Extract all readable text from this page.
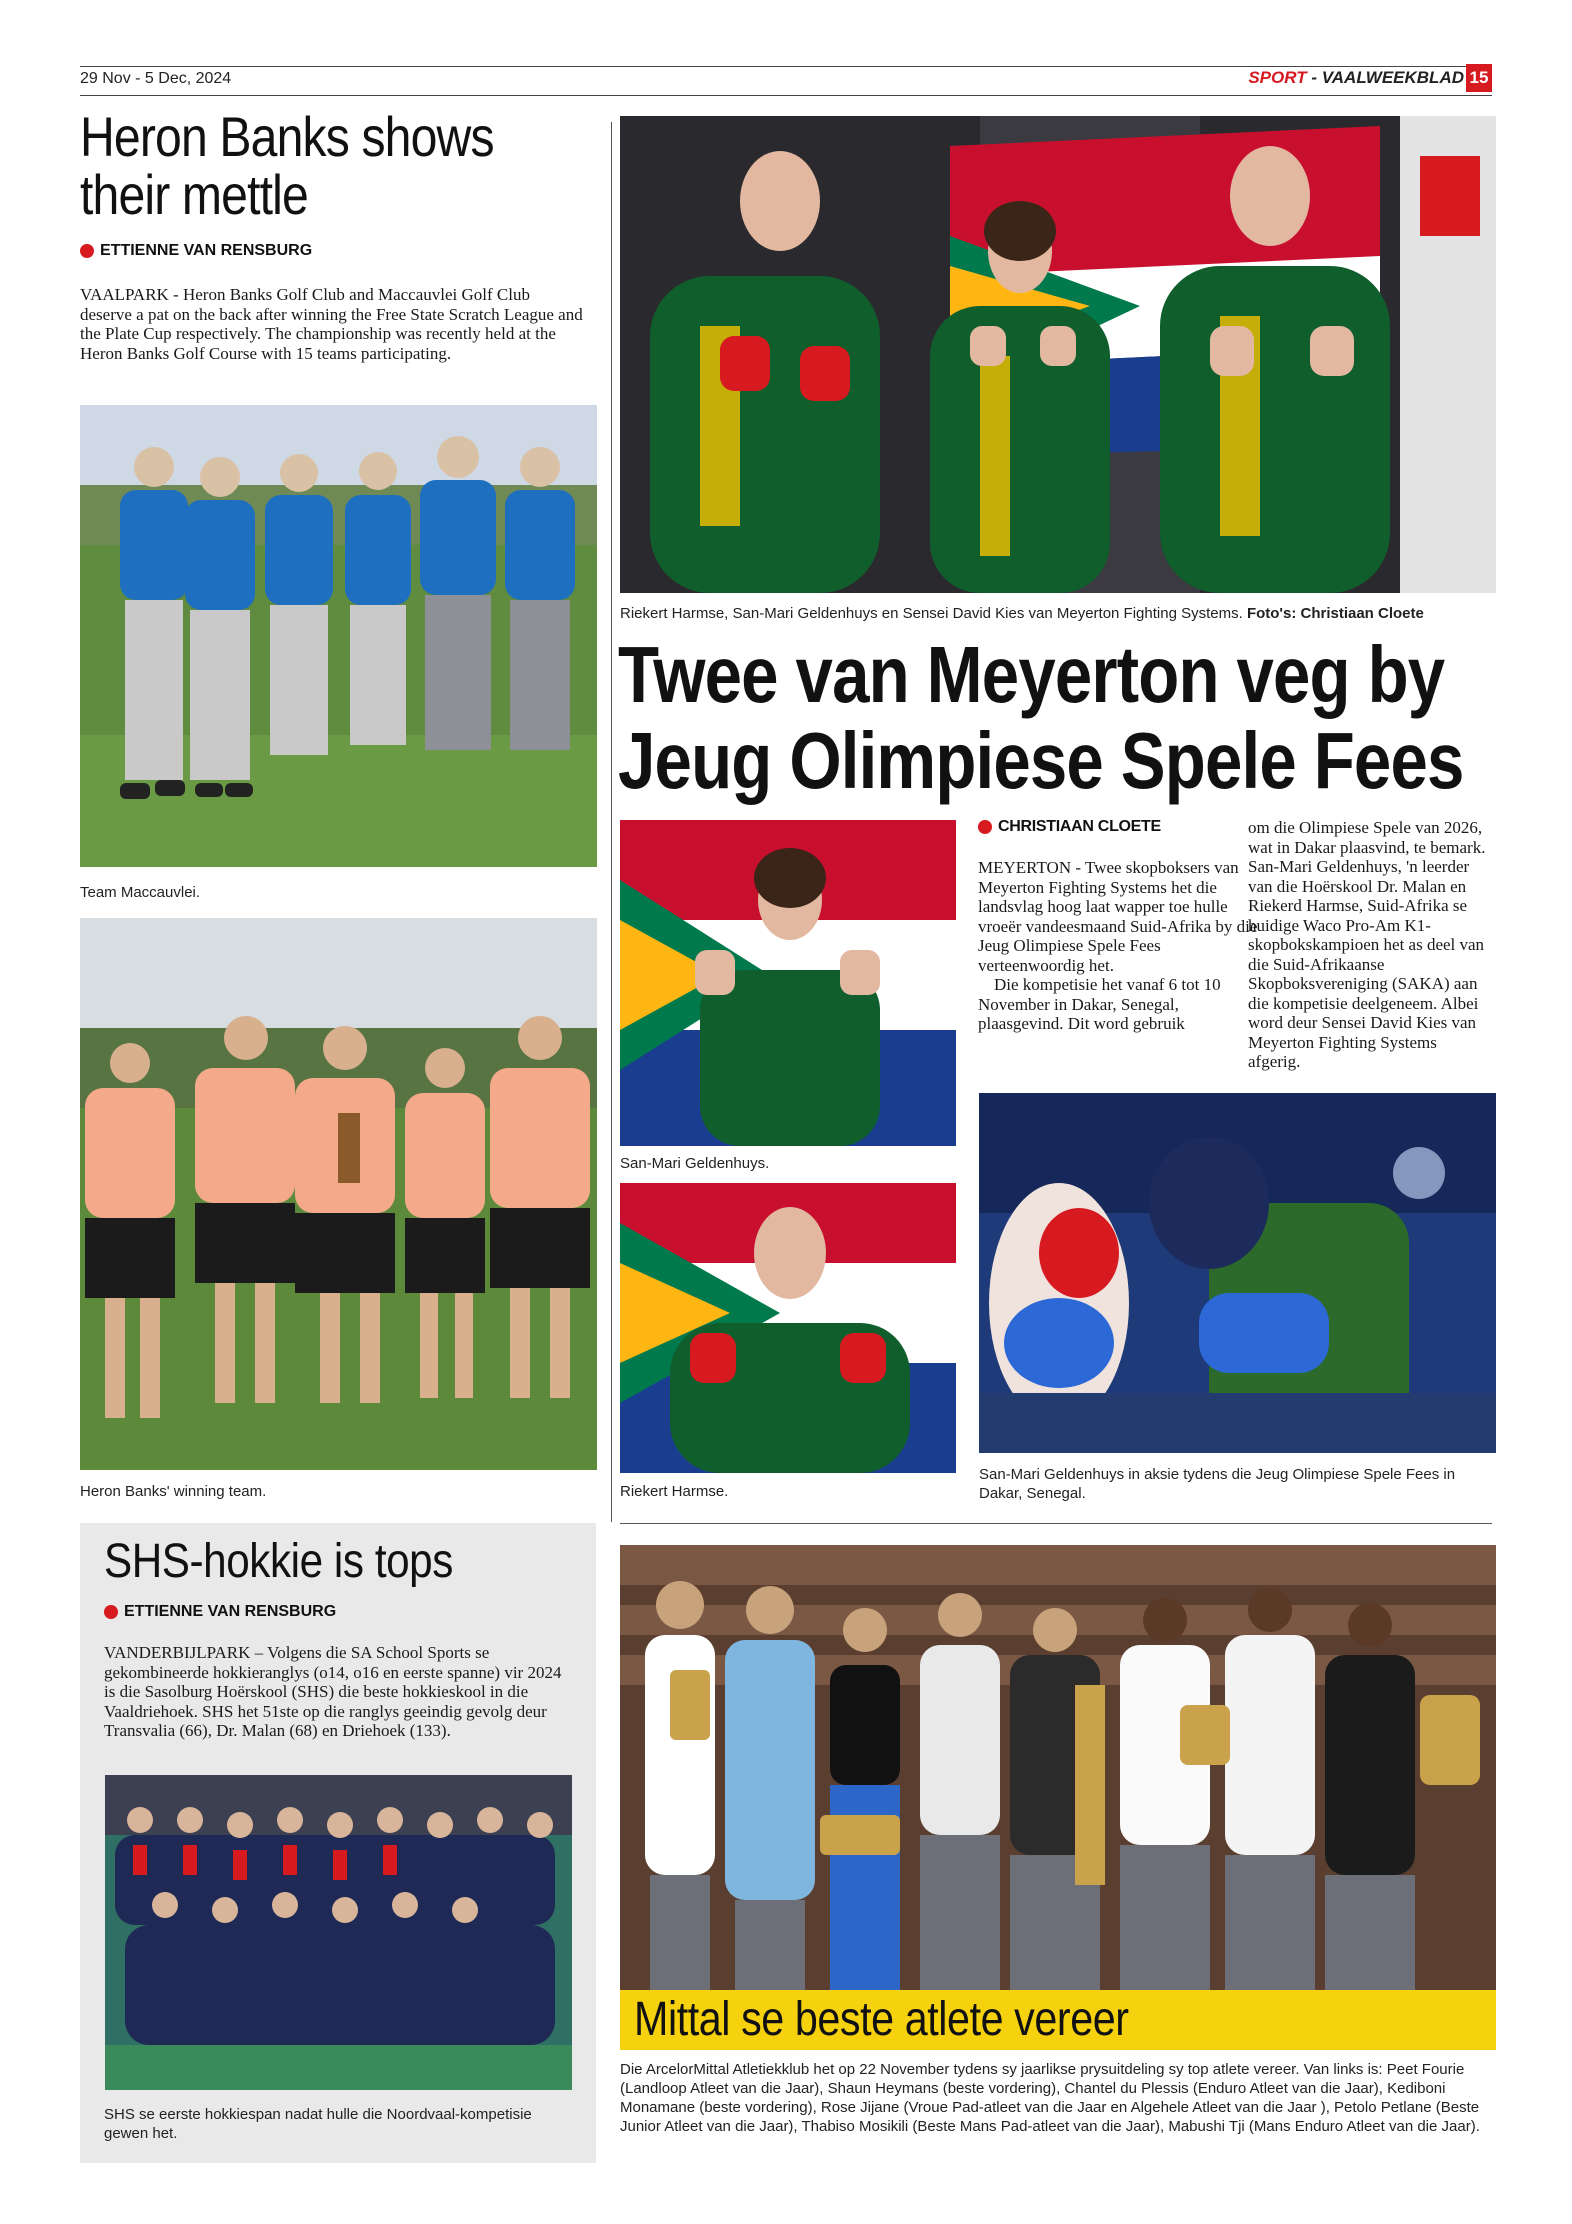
29 Nov - 5 Dec, 2024	SPORT - VAALWEEKBLAD 15
Heron Banks shows
their mettle
ETTIENNE VAN RENSBURG
VAALPARK - Heron Banks Golf Club and Maccauvlei Golf Club deserve a pat on the back after winning the Free State Scratch League and the Plate Cup respectively. The championship was recently held at the Heron Banks Golf Course with 15 teams participating.
Team Maccauvlei.
Heron Banks' winning team.
Riekert Harmse, San-Mari Geldenhuys en Sensei David Kies van Meyerton Fighting Systems. Foto's: Christiaan Cloete
Twee van Meyerton veg by
Jeug Olimpiese Spele Fees
San-Mari Geldenhuys.
Riekert Harmse.
CHRISTIAAN CLOETE
MEYERTON - Twee skopboksers van Meyerton Fighting Systems het die landsvlag hoog laat wapper toe hulle vroeër vandeesmaand Suid-Afrika by die Jeug Olimpiese Spele Fees verteenwoordig het.
Die kompetisie het vanaf 6 tot 10 November in Dakar, Senegal, plaasgevind. Dit word gebruik
om die Olimpiese Spele van 2026, wat in Dakar plaasvind, te bemark. San-Mari Geldenhuys, 'n leerder van die Hoërskool Dr. Malan en Riekerd Harmse, Suid-Afrika se huidige Waco Pro-Am K1-skopbokskampioen het as deel van die Suid-Afrikaanse Skopboksvereniging (SAKA) aan die kompetisie deelgeneem. Albei word deur Sensei David Kies van Meyerton Fighting Systems afgerig.
San-Mari Geldenhuys in aksie tydens die Jeug Olimpiese Spele Fees in Dakar, Senegal.
SHS-hokkie is tops
ETTIENNE VAN RENSBURG
VANDERBIJLPARK – Volgens die SA School Sports se gekombineerde hokkieranglys (o14, o16 en eerste spanne) vir 2024 is die Sasolburg Hoërskool (SHS) die beste hokkieskool in die Vaaldriehoek. SHS het 51ste op die ranglys geeindig gevolg deur Transvalia (66), Dr. Malan (68) en Driehoek (133).
SHS se eerste hokkiespan nadat hulle die Noordvaal-kompetisie gewen het.
Mittal se beste atlete vereer
Die ArcelorMittal Atletiekklub het op 22 November tydens sy jaarlikse prysuitdeling sy top atlete vereer. Van links is: Peet Fourie (Landloop Atleet van die Jaar), Shaun Heymans (beste vordering), Chantel du Plessis (Enduro Atleet van die Jaar), Kediboni Monamane (beste vordering), Rose Jijane (Vroue Pad-atleet van die Jaar en Algehele Atleet van die Jaar ), Petolo Petlane (Beste Junior Atleet van die Jaar), Thabiso Mosikili (Beste Mans Pad-atleet van die Jaar), Mabushi Tji (Mans Enduro Atleet van die Jaar).
